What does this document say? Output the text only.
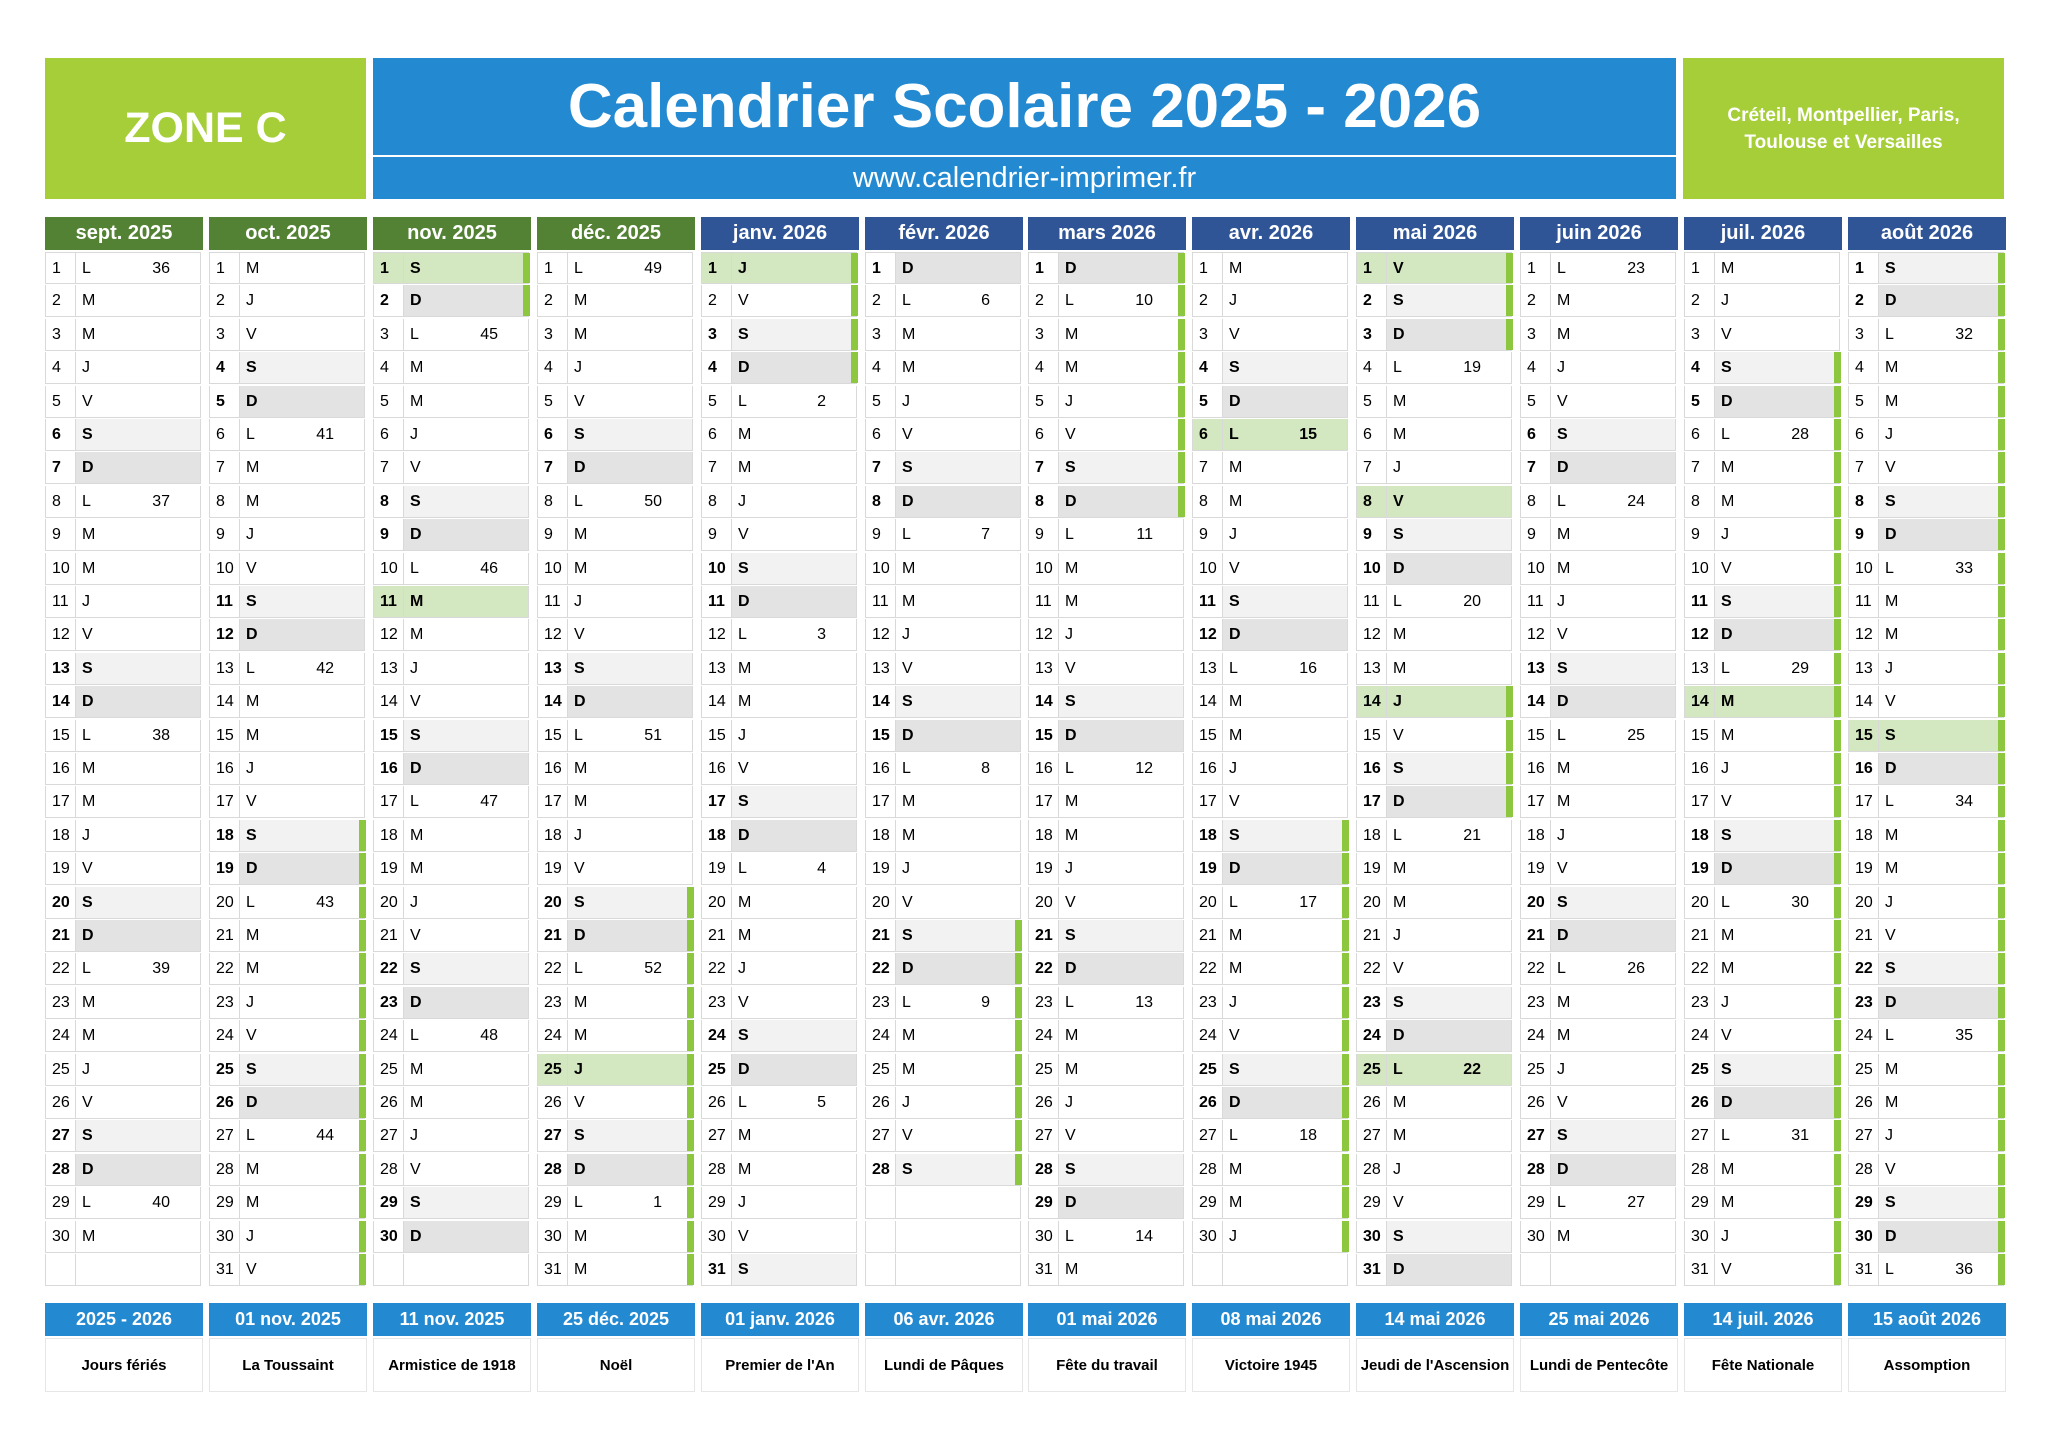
ZONE C	Calendrier Scolaire 2025 - 2026
www.calendrier-imprimer.fr
Créteil, Montpellier, Paris,
Toulouse et Versailles
sept. 2025
1 L	36
2 M
3 M
4 J
5 V
6 S
7 D
8 L	37
9 M
10 M
11 J
12 V
13 S
14 D
15 L	38
16 M
17 M
18 J
19 V
20 S
21 D
22 L	39
23 M
24 M
25 J
26 V
27 S
28 D
29 L	40
30 M
oct. 2025
1 M
2 J
3 V
4 S
5 D
6 L	41
7 M
8 M
9 J
10 V
11 S
12 D
13 L	42
14 M
15 M
16 J
17 V
18 S
19 D
20 L	43
21 M
22 M
23 J
24 V
25 S
26 D
27 L	44
28 M
29 M
30 J
31 V
nov. 2025
1 S
2 D
3 L	45
4 M
5 M
6 J
7 V
8 S
9 D
10 L	46
11 M
12 M
13 J
14 V
15 S
16 D
17 L	47
18 M
19 M
20 J
21 V
22 S
23 D
24 L	48
25 M
26 M
27 J
28 V
29 S
30 D
déc. 2025
1 L	49
2 M
3 M
4 J
5 V
6 S
7 D
8 L	50
9 M
10 M
11 J
12 V
13 S
14 D
15 L	51
16 M
17 M
18 J
19 V
20 S
21 D
22 L	52
23 M
24 M
25 J
26 V
27 S
28 D
29 L	1
30 M
31 M
janv. 2026
1 J
2 V
3 S
4 D
5 L	2
6 M
7 M
8 J
9 V
10 S
11 D
12 L	3
13 M
14 M
15 J
16 V
17 S
18 D
19 L	4
20 M
21 M
22 J
23 V
24 S
25 D
26 L	5
27 M
28 M
29 J
30 V
31 S
févr. 2026
1 D
2 L	6
3 M
4 M
5 J
6 V
7 S
8 D
9 L	7
10 M
11 M
12 J
13 V
14 S
15 D
16 L	8
17 M
18 M
19 J
20 V
21 S
22 D
23 L	9
24 M
25 M
26 J
27 V
28 S
mars 2026
1 D
2 L	10
3 M
4 M
5 J
6 V
7 S
8 D
9 L	11
10 M
11 M
12 J
13 V
14 S
15 D
16 L	12
17 M
18 M
19 J
20 V
21 S
22 D
23 L	13
24 M
25 M
26 J
27 V
28 S
29 D
30 L	14
31 M
avr. 2026
1 M
2 J
3 V
4 S
5 D
6 L	15
7 M
8 M
9 J
10 V
11 S
12 D
13 L	16
14 M
15 M
16 J
17 V
18 S
19 D
20 L	17
21 M
22 M
23 J
24 V
25 S
26 D
27 L	18
28 M
29 M
30 J
mai 2026
1 V
2 S
3 D
4 L	19
5 M
6 M
7 J
8 V
9 S
10 D
11 L	20
12 M
13 M
14 J
15 V
16 S
17 D
18 L	21
19 M
20 M
21 J
22 V
23 S
24 D
25 L	22
26 M
27 M
28 J
29 V
30 S
31 D
juin 2026
1 L	23
2 M
3 M
4 J
5 V
6 S
7 D
8 L	24
9 M
10 M
11 J
12 V
13 S
14 D
15 L	25
16 M
17 M
18 J
19 V
20 S
21 D
22 L	26
23 M
24 M
25 J
26 V
27 S
28 D
29 L	27
30 M
juil. 2026
1 M
2 J
3 V
4 S
5 D
6 L	28
7 M
8 M
9 J
10 V
11 S
12 D
13 L	29
14 M
15 M
16 J
17 V
18 S
19 D
20 L	30
21 M
22 M
23 J
24 V
25 S
26 D
27 L	31
28 M
29 M
30 J
31 V
août 2026
1 S
2 D
3 L	32
4 M
5 M
6 J
7 V
8 S
9 D
10 L	33
11 M
12 M
13 J
14 V
15 S
16 D
17 L	34
18 M
19 M
20 J
21 V
22 S
23 D
24 L	35
25 M
26 M
27 J
28 V
29 S
30 D
31 L	36
2025 - 2026
Jours fériés
01 nov. 2025
La Toussaint
11 nov. 2025
Armistice de 1918
25 déc. 2025
Noël
01 janv. 2026
Premier de l'An
06 avr. 2026
Lundi de Pâques
01 mai 2026
Fête du travail
08 mai 2026
Victoire 1945
14 mai 2026
Jeudi de l'Ascension
25 mai 2026
Lundi de Pentecôte
14 juil. 2026
Fête Nationale
15 août 2026
Assomption
